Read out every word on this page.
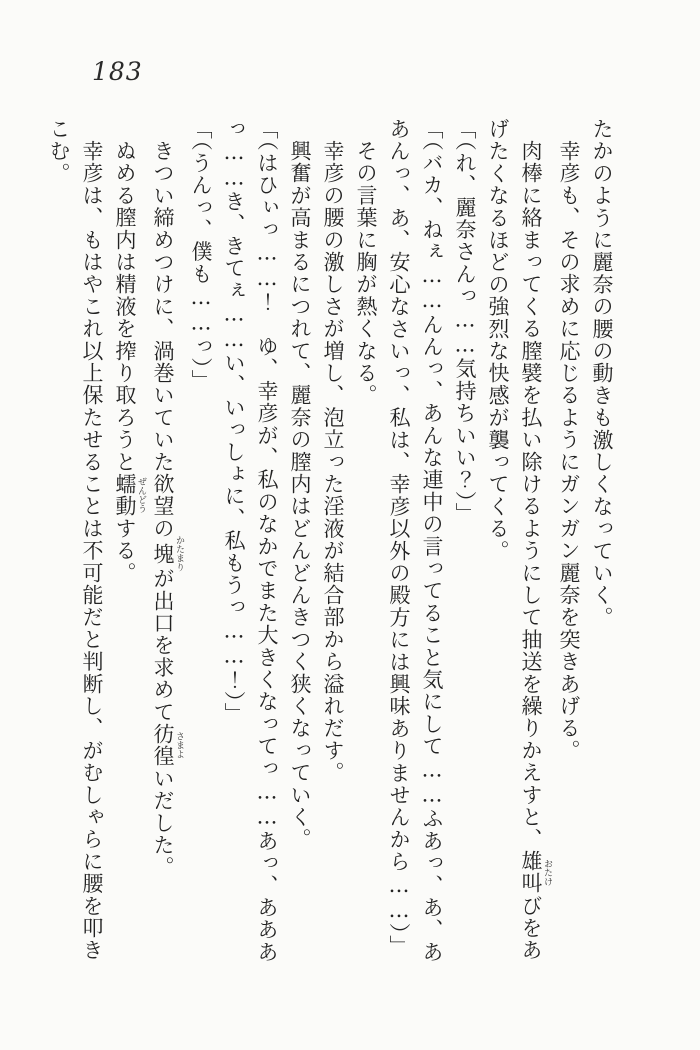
183
たかのように麗奈の腰の動きも激しくなっていく。
幸彦も、その求めに応じるようにガンガン麗奈を突きあげる。
肉棒に絡まってくる膣襞を払い除けるようにして抽送を繰りかえすと、雄叫 おたけびをあ
げたくなるほどの強烈な快感が襲ってくる。
「（れ、麗奈さんっ……気持ちいい？）」
「（バカ、ねぇ……んんっ、あんな連中の言ってること気にして……ふあっ、あ、あ
あんっ、あ、安心なさいっ、私は、幸彦以外の殿方には興味ありませんから……）」
その言葉に胸が熱くなる。
幸彦の腰の激しさが増し、泡立った淫液が結合部から溢れだす。
興奮が高まるにつれて、麗奈の膣内はどんどんきつく狭くなっていく。
「（はひぃっ……！　ゆ、幸彦が、私のなかでまた大きくなってっ……あっ、あああ
っ……き、きてぇ……い、いっしょに、私もうっ……！）」
「（うんっ、僕も……っ）」
きつい締めつけに、渦巻いていた欲望の塊 かたまりが出口を求めて彷徨 さまよいだした。
ぬめる膣内は精液を搾り取ろうと蠕動 ぜんどうする。
幸彦は、もはやこれ以上保たせることは不可能だと判断し、がむしゃらに腰を叩き
こむ。
